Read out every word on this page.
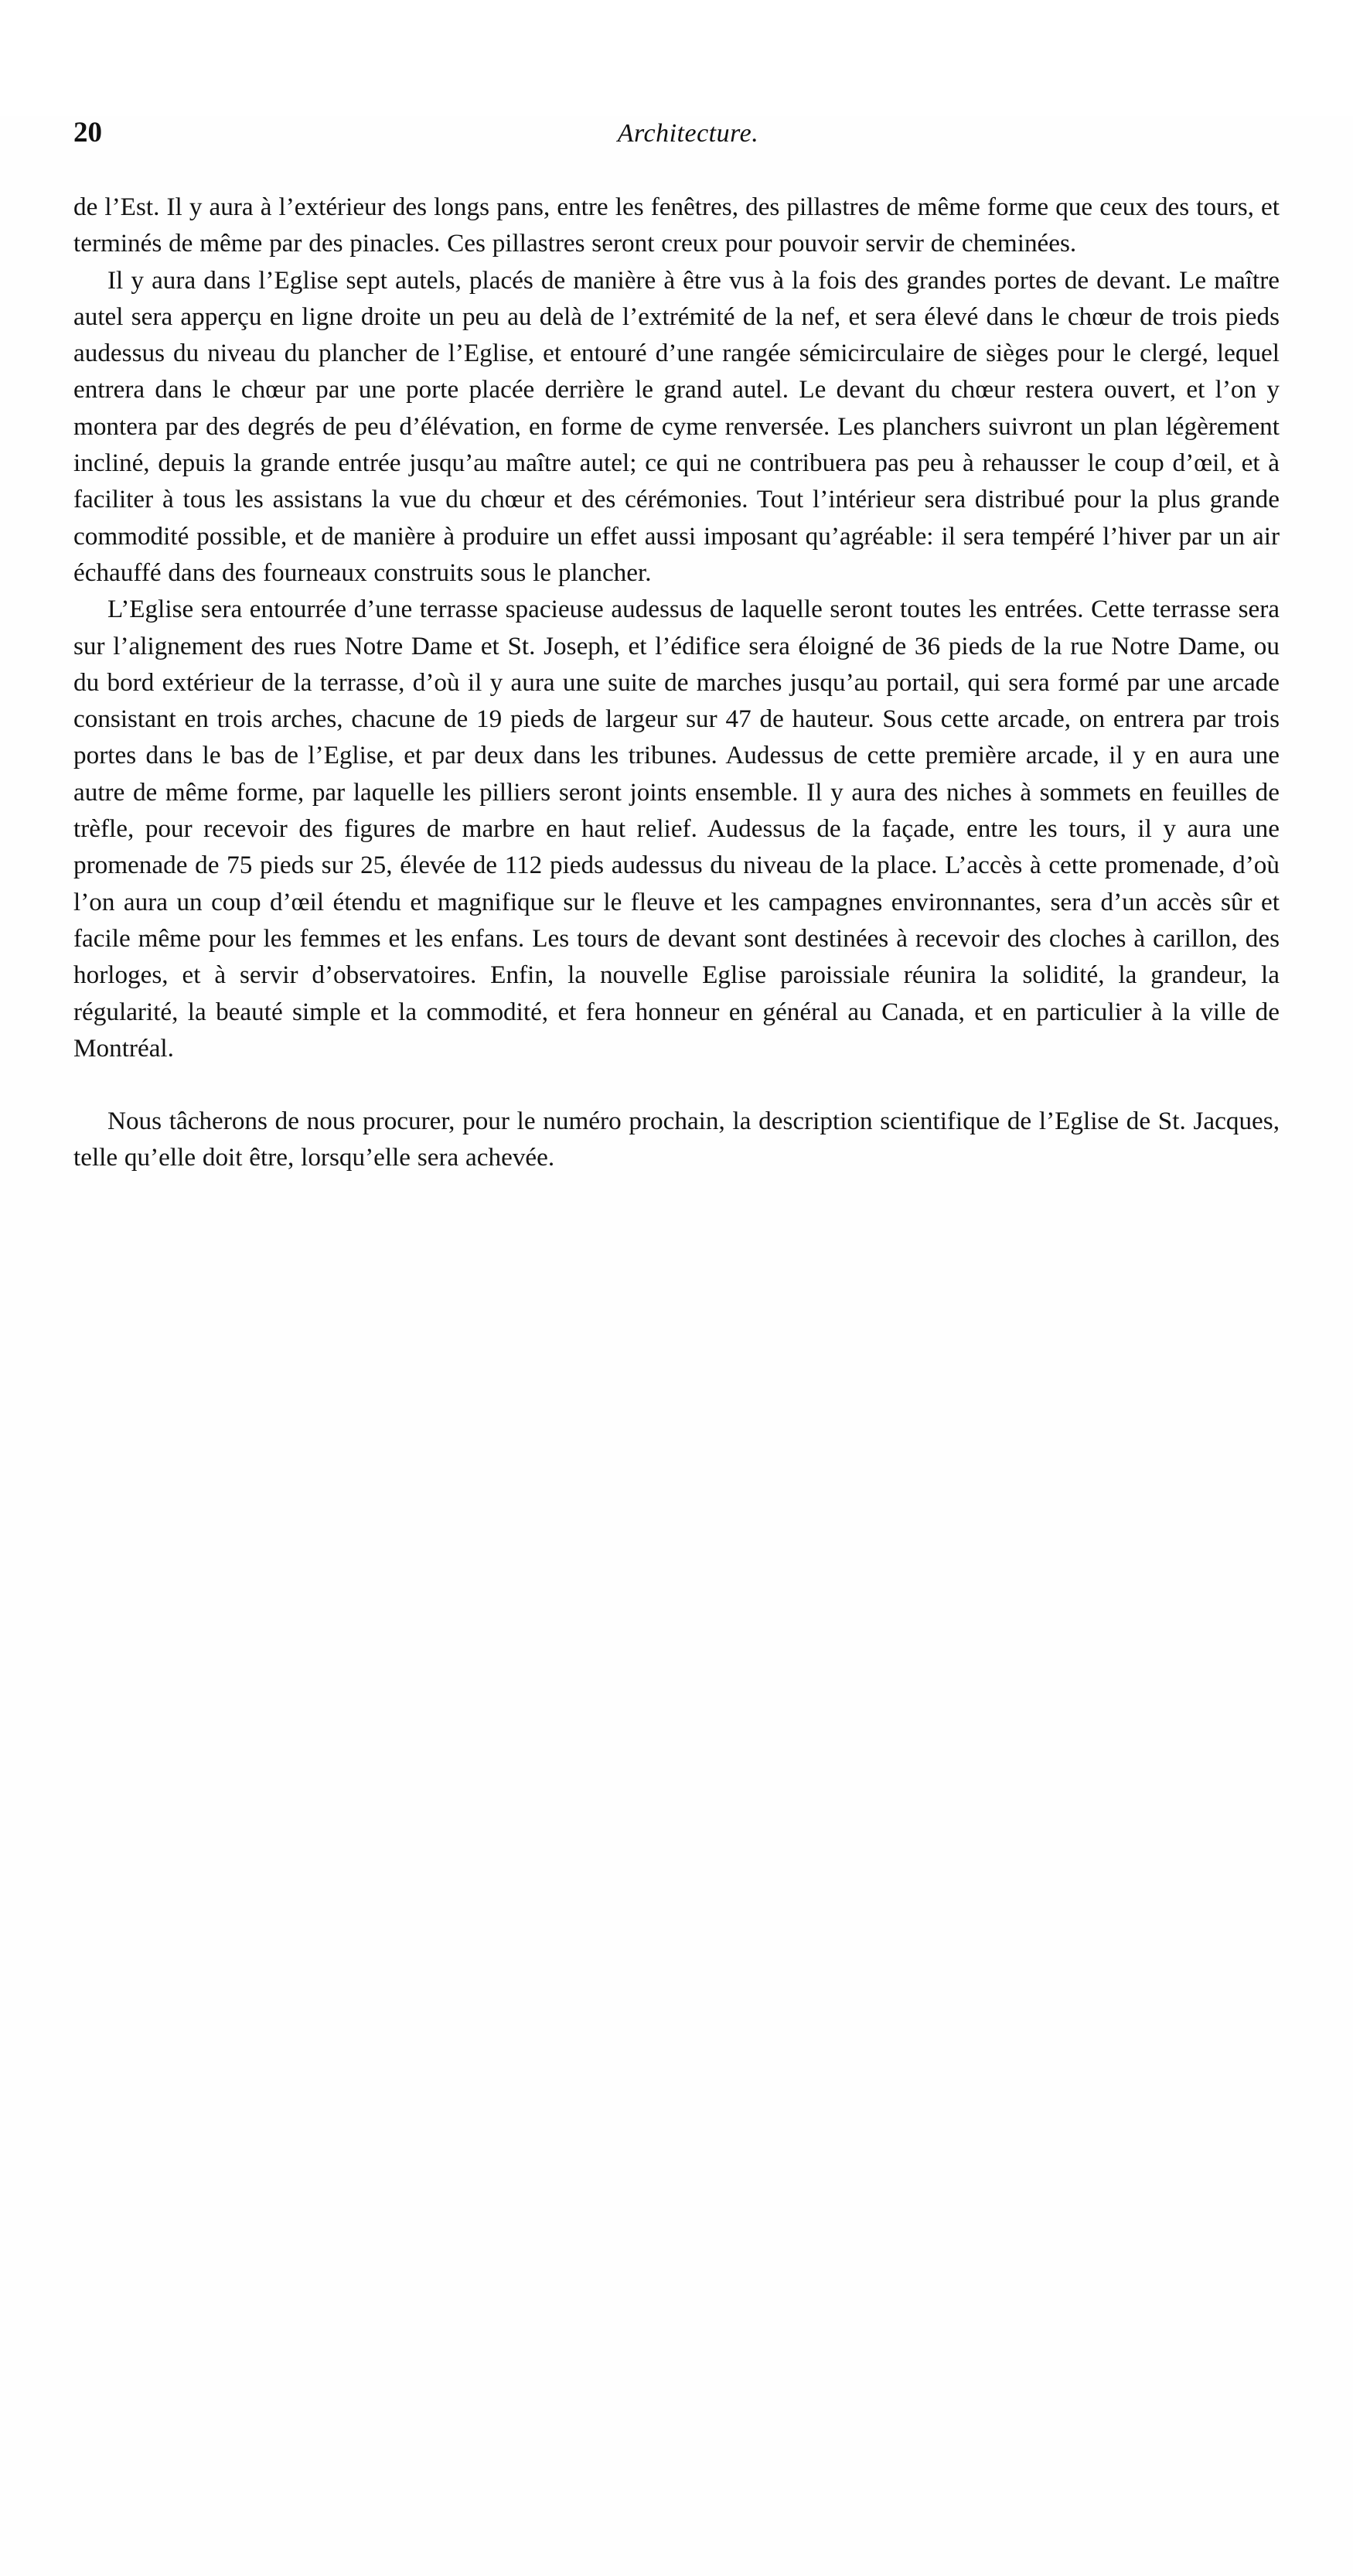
20	Architecture.

de l’Est. Il y aura à l’extérieur des longs pans, entre les fenêtres, des pillastres de même forme que ceux des tours, et terminés de même par des pinacles. Ces pillastres seront creux pour pouvoir servir de cheminées.

Il y aura dans l’Eglise sept autels, placés de manière à être vus à la fois des grandes portes de devant. Le maître autel sera apperçu en ligne droite un peu au delà de l’extrémité de la nef, et sera élevé dans le chœur de trois pieds audessus du niveau du plancher de l’Eglise, et entouré d’une rangée sémicirculaire de sièges pour le clergé, lequel entrera dans le chœur par une porte placée derrière le grand autel. Le devant du chœur restera ouvert, et l’on y montera par des degrés de peu d’élévation, en forme de cyme renversée. Les planchers suivront un plan légèrement incliné, depuis la grande entrée jusqu’au maître autel; ce qui ne contribuera pas peu à rehausser le coup d’œil, et à faciliter à tous les assistans la vue du chœur et des cérémonies. Tout l’intérieur sera distribué pour la plus grande commodité possible, et de manière à produire un effet aussi imposant qu’agréable: il sera tempéré l’hiver par un air échauffé dans des fourneaux construits sous le plancher.

L’Eglise sera entourrée d’une terrasse spacieuse audessus de laquelle seront toutes les entrées. Cette terrasse sera sur l’alignement des rues Notre Dame et St. Joseph, et l’édifice sera éloigné de 36 pieds de la rue Notre Dame, ou du bord extérieur de la terrasse, d’où il y aura une suite de marches jusqu’au portail, qui sera formé par une arcade consistant en trois arches, chacune de 19 pieds de largeur sur 47 de hauteur. Sous cette arcade, on entrera par trois portes dans le bas de l’Eglise, et par deux dans les tribunes. Audessus de cette première arcade, il y en aura une autre de même forme, par laquelle les pilliers seront joints ensemble. Il y aura des niches à sommets en feuilles de trèfle, pour recevoir des figures de marbre en haut relief. Audessus de la façade, entre les tours, il y aura une promenade de 75 pieds sur 25, élevée de 112 pieds audessus du niveau de la place. L’accès à cette promenade, d’où l’on aura un coup d’œil étendu et magnifique sur le fleuve et les campagnes environnantes, sera d’un accès sûr et facile même pour les femmes et les enfans. Les tours de devant sont destinées à recevoir des cloches à carillon, des horloges, et à servir d’observatoires. Enfin, la nouvelle Eglise paroissiale réunira la solidité, la grandeur, la régularité, la beauté simple et la commodité, et fera honneur en général au Canada, et en particulier à la ville de Montréal.

Nous tâcherons de nous procurer, pour le numéro prochain, la description scientifique de l’Eglise de St. Jacques, telle qu’elle doit être, lorsqu’elle sera achevée.
